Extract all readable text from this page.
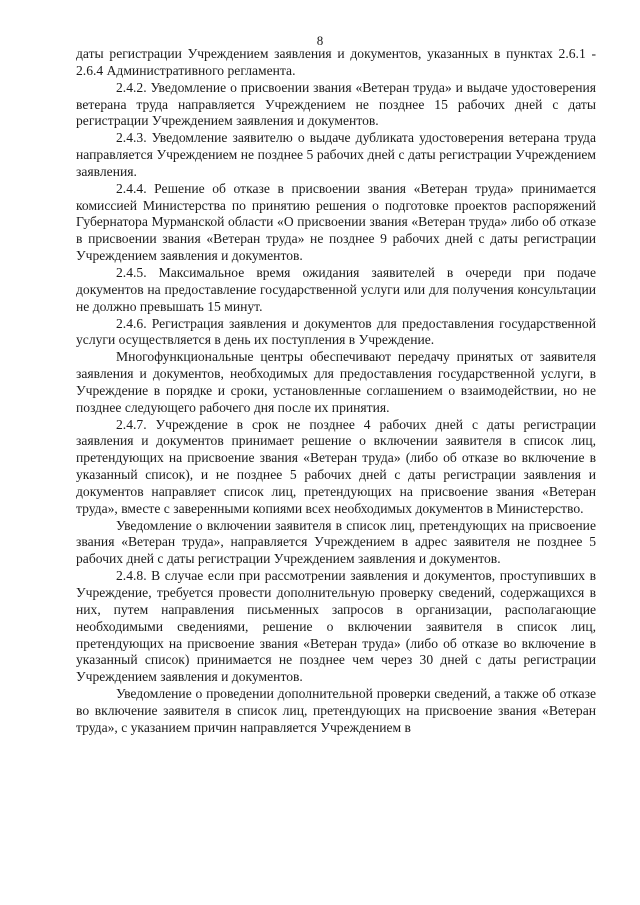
8

даты регистрации Учреждением заявления и документов, указанных в пунктах 2.6.1 - 2.6.4 Административного регламента.

2.4.2. Уведомление о присвоении звания «Ветеран труда» и выдаче удостоверения ветерана труда направляется Учреждением не позднее 15 рабочих дней с даты регистрации Учреждением заявления и документов.

2.4.3. Уведомление заявителю о выдаче дубликата удостоверения ветерана труда направляется Учреждением не позднее 5 рабочих дней с даты регистрации Учреждением заявления.

2.4.4. Решение об отказе в присвоении звания «Ветеран труда» принимается комиссией Министерства по принятию решения о подготовке проектов распоряжений Губернатора Мурманской области «О присвоении звания «Ветеран труда» либо об отказе в присвоении звания «Ветеран труда» не позднее 9 рабочих дней с даты регистрации Учреждением заявления и документов.

2.4.5. Максимальное время ожидания заявителей в очереди при подаче документов на предоставление государственной услуги или для получения консультации не должно превышать 15 минут.

2.4.6. Регистрация заявления и документов для предоставления государственной услуги осуществляется в день их поступления в Учреждение.

Многофункциональные центры обеспечивают передачу принятых от заявителя заявления и документов, необходимых для предоставления государственной услуги, в Учреждение в порядке и сроки, установленные соглашением о взаимодействии, но не позднее следующего рабочего дня после их принятия.

2.4.7. Учреждение в срок не позднее 4 рабочих дней с даты регистрации заявления и документов принимает решение о включении заявителя в список лиц, претендующих на присвоение звания «Ветеран труда» (либо об отказе во включение в указанный список), и не позднее 5 рабочих дней с даты регистрации заявления и документов направляет список лиц, претендующих на присвоение звания «Ветеран труда», вместе с заверенными копиями всех необходимых документов в Министерство.

Уведомление о включении заявителя в список лиц, претендующих на присвоение звания «Ветеран труда», направляется Учреждением в адрес заявителя не позднее 5 рабочих дней с даты регистрации Учреждением заявления и документов.

2.4.8. В случае если при рассмотрении заявления и документов, проступивших в Учреждение, требуется провести дополнительную проверку сведений, содержащихся в них, путем направления письменных запросов в организации, располагающие необходимыми сведениями, решение о включении заявителя в список лиц, претендующих на присвоение звания «Ветеран труда» (либо об отказе во включение в указанный список) принимается не позднее чем через 30 дней с даты регистрации Учреждением заявления и документов.

Уведомление о проведении дополнительной проверки сведений, а также об отказе во включение заявителя в список лиц, претендующих на присвоение звания «Ветеран труда», с указанием причин направляется Учреждением в
